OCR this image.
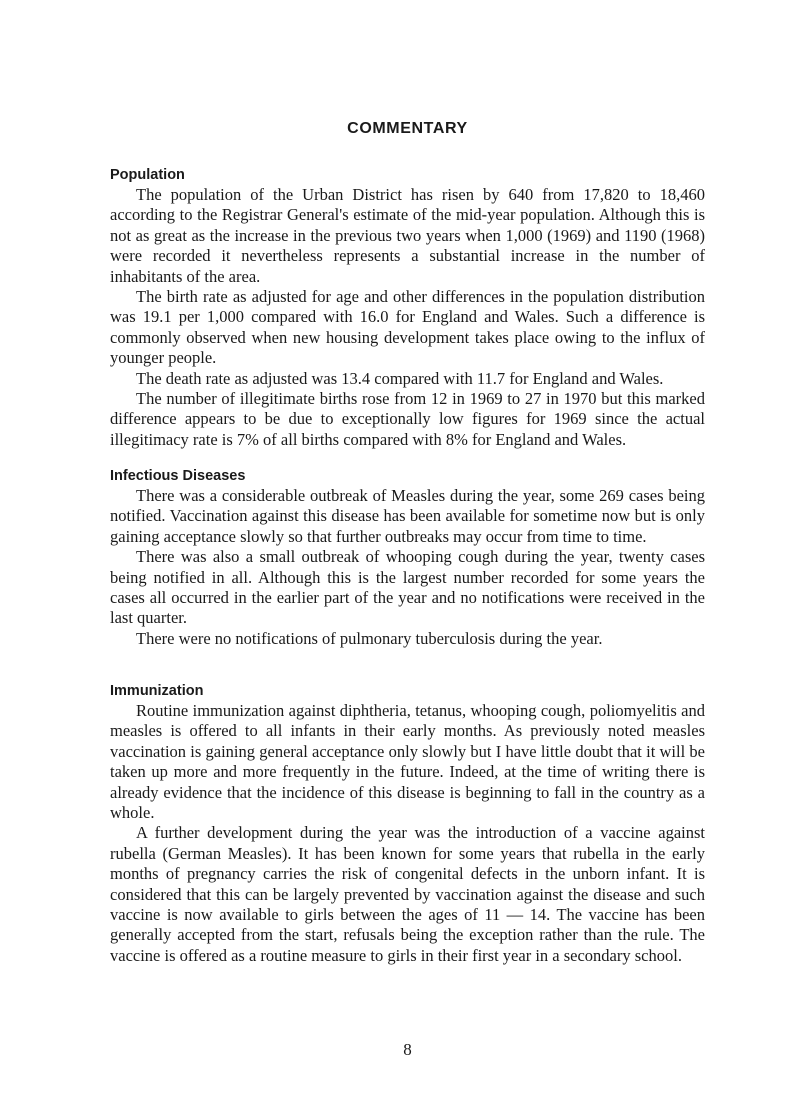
COMMENTARY
Population

The population of the Urban District has risen by 640 from 17,820 to 18,460 according to the Registrar General's estimate of the mid-year population. Although this is not as great as the increase in the previous two years when 1,000 (1969) and 1190 (1968) were recorded it nevertheless represents a substantial increase in the number of inhabitants of the area.

The birth rate as adjusted for age and other differences in the population distribution was 19.1 per 1,000 compared with 16.0 for England and Wales. Such a difference is commonly observed when new housing development takes place owing to the influx of younger people.

The death rate as adjusted was 13.4 compared with 11.7 for England and Wales.

The number of illegitimate births rose from 12 in 1969 to 27 in 1970 but this marked difference appears to be due to exceptionally low figures for 1969 since the actual illegitimacy rate is 7% of all births compared with 8% for England and Wales.

Infectious Diseases

There was a considerable outbreak of Measles during the year, some 269 cases being notified. Vaccination against this disease has been available for sometime now but is only gaining acceptance slowly so that further outbreaks may occur from time to time.

There was also a small outbreak of whooping cough during the year, twenty cases being notified in all. Although this is the largest number recorded for some years the cases all occurred in the earlier part of the year and no notifications were received in the last quarter.

There were no notifications of pulmonary tuberculosis during the year.

Immunization

Routine immunization against diphtheria, tetanus, whooping cough, poliomyelitis and measles is offered to all infants in their early months. As previously noted measles vaccination is gaining general acceptance only slowly but I have little doubt that it will be taken up more and more frequently in the future. Indeed, at the time of writing there is already evidence that the incidence of this disease is beginning to fall in the country as a whole.

A further development during the year was the introduction of a vaccine against rubella (German Measles). It has been known for some years that rubella in the early months of pregnancy carries the risk of congenital defects in the unborn infant. It is considered that this can be largely prevented by vaccination against the disease and such vaccine is now available to girls between the ages of 11 — 14. The vaccine has been generally accepted from the start, refusals being the exception rather than the rule. The vaccine is offered as a routine measure to girls in their first year in a secondary school.

8
